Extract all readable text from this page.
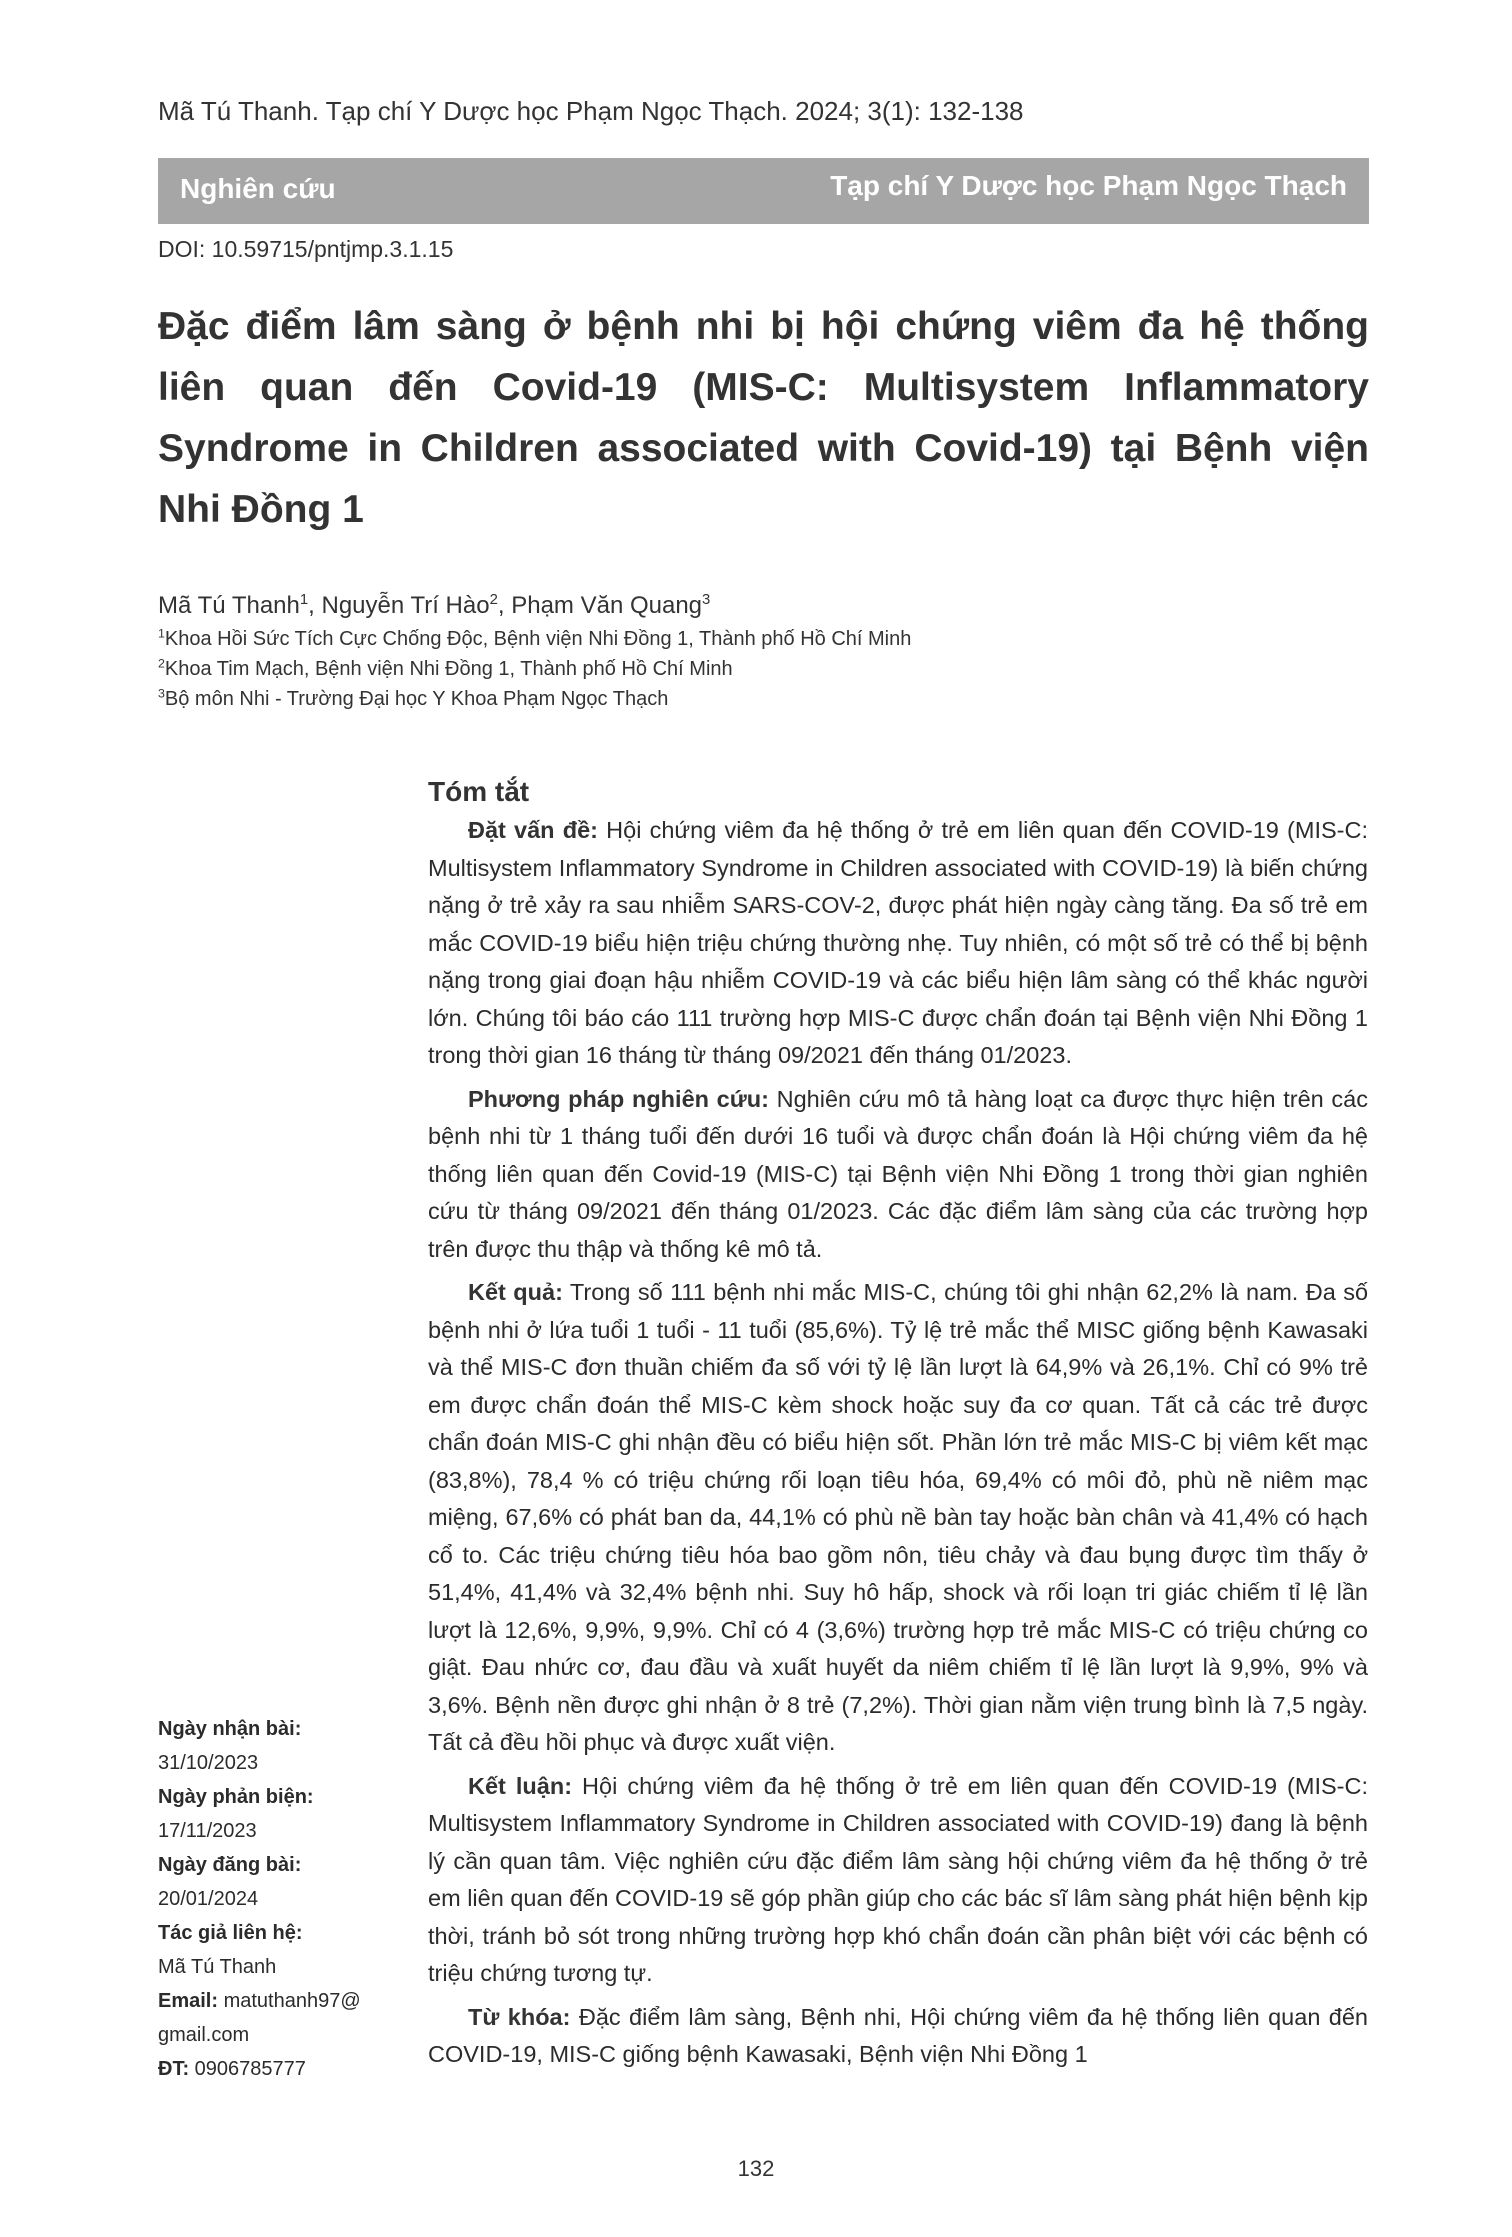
Mã Tú Thanh. Tạp chí Y Dược học Phạm Ngọc Thạch. 2024; 3(1): 132-138
Nghiên cứu	Tạp chí Y Dược học Phạm Ngọc Thạch
DOI: 10.59715/pntjmp.3.1.15
Đặc điểm lâm sàng ở bệnh nhi bị hội chứng viêm đa hệ thống liên quan đến Covid-19 (MIS-C: Multisystem Inflammatory Syndrome in Children associated with Covid-19) tại Bệnh viện Nhi Đồng 1
Mã Tú Thanh$^1$, Nguyễn Trí Hào$^2$, Phạm Văn Quang$^3$
$^1$Khoa Hồi Sức Tích Cực Chống Độc, Bệnh viện Nhi Đồng 1, Thành phố Hồ Chí Minh
$^2$Khoa Tim Mạch, Bệnh viện Nhi Đồng 1, Thành phố Hồ Chí Minh
$^3$Bộ môn Nhi - Trường Đại học Y Khoa Phạm Ngọc Thạch
Tóm tắt

Đặt vấn đề: Hội chứng viêm đa hệ thống ở trẻ em liên quan đến COVID-19 (MIS-C: Multisystem Inflammatory Syndrome in Children associated with COVID-19) là biến chứng nặng ở trẻ xảy ra sau nhiễm SARS-COV-2, được phát hiện ngày càng tăng. Đa số trẻ em mắc COVID-19 biểu hiện triệu chứng thường nhẹ. Tuy nhiên, có một số trẻ có thể bị bệnh nặng trong giai đoạn hậu nhiễm COVID-19 và các biểu hiện lâm sàng có thể khác người lớn. Chúng tôi báo cáo 111 trường hợp MIS-C được chẩn đoán tại Bệnh viện Nhi Đồng 1 trong thời gian 16 tháng từ tháng 09/2021 đến tháng 01/2023.

Phương pháp nghiên cứu: Nghiên cứu mô tả hàng loạt ca được thực hiện trên các bệnh nhi từ 1 tháng tuổi đến dưới 16 tuổi và được chẩn đoán là Hội chứng viêm đa hệ thống liên quan đến Covid-19 (MIS-C) tại Bệnh viện Nhi Đồng 1 trong thời gian nghiên cứu từ tháng 09/2021 đến tháng 01/2023. Các đặc điểm lâm sàng của các trường hợp trên được thu thập và thống kê mô tả.

Kết quả: Trong số 111 bệnh nhi mắc MIS-C, chúng tôi ghi nhận 62,2% là nam. Đa số bệnh nhi ở lứa tuổi 1 tuổi - 11 tuổi (85,6%). Tỷ lệ trẻ mắc thể MISC giống bệnh Kawasaki và thể MIS-C đơn thuần chiếm đa số với tỷ lệ lần lượt là 64,9% và 26,1%. Chỉ có 9% trẻ em được chẩn đoán thể MIS-C kèm shock hoặc suy đa cơ quan. Tất cả các trẻ được chẩn đoán MIS-C ghi nhận đều có biểu hiện sốt. Phần lớn trẻ mắc MIS-C bị viêm kết mạc (83,8%), 78,4 % có triệu chứng rối loạn tiêu hóa, 69,4% có môi đỏ, phù nề niêm mạc miệng, 67,6% có phát ban da, 44,1% có phù nề bàn tay hoặc bàn chân và 41,4% có hạch cổ to. Các triệu chứng tiêu hóa bao gồm nôn, tiêu chảy và đau bụng được tìm thấy ở 51,4%, 41,4% và 32,4% bệnh nhi. Suy hô hấp, shock và rối loạn tri giác chiếm tỉ lệ lần lượt là 12,6%, 9,9%, 9,9%. Chỉ có 4 (3,6%) trường hợp trẻ mắc MIS-C có triệu chứng co giật. Đau nhức cơ, đau đầu và xuất huyết da niêm chiếm tỉ lệ lần lượt là 9,9%, 9% và 3,6%. Bệnh nền được ghi nhận ở 8 trẻ (7,2%). Thời gian nằm viện trung bình là 7,5 ngày. Tất cả đều hồi phục và được xuất viện.

Kết luận: Hội chứng viêm đa hệ thống ở trẻ em liên quan đến COVID-19 (MIS-C: Multisystem Inflammatory Syndrome in Children associated with COVID-19) đang là bệnh lý cần quan tâm. Việc nghiên cứu đặc điểm lâm sàng hội chứng viêm đa hệ thống ở trẻ em liên quan đến COVID-19 sẽ góp phần giúp cho các bác sĩ lâm sàng phát hiện bệnh kịp thời, tránh bỏ sót trong những trường hợp khó chẩn đoán cần phân biệt với các bệnh có triệu chứng tương tự.

Từ khóa: Đặc điểm lâm sàng, Bệnh nhi, Hội chứng viêm đa hệ thống liên quan đến COVID-19, MIS-C giống bệnh Kawasaki, Bệnh viện Nhi Đồng 1

Ngày nhận bài:
31/10/2023
Ngày phản biện:
17/11/2023
Ngày đăng bài:
20/01/2024
Tác giả liên hệ:
Mã Tú Thanh
Email: matuthanh97@
gmail.com
ĐT: 0906785777
132
